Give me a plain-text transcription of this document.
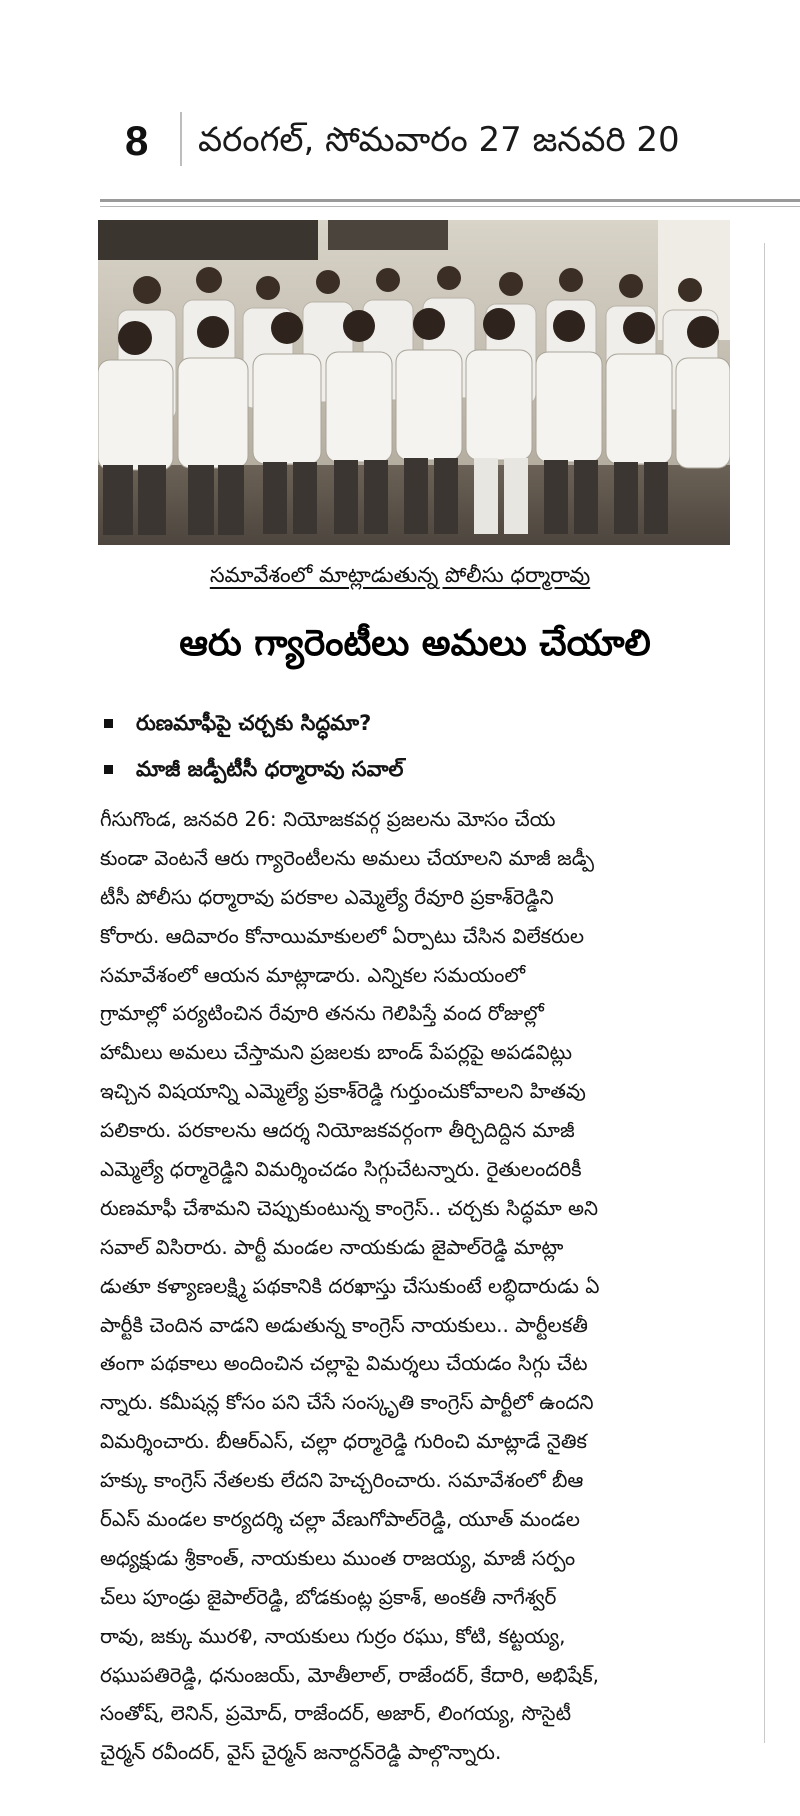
8 వరంగల్, సోమవారం 27 జనవరి 20
సమావేశంలో మాట్లాడుతున్న పోలీసు ధర్మారావు
ఆరు గ్యారెంటీలు అమలు చేయాలి
రుణమాఫీపై చర్చకు సిద్ధమా?
మాజీ జడ్పీటీసీ ధర్మారావు సవాల్
గీసుగొండ, జనవరి 26: నియోజకవర్గ ప్రజలను మోసం చేయ
కుండా వెంటనే ఆరు గ్యారెంటీలను అమలు చేయాలని మాజీ జడ్పీ
టీసీ పోలీసు ధర్మారావు పరకాల ఎమ్మెల్యే రేవూరి ప్రకాశ్‌రెడ్డిని
కోరారు. ఆదివారం కోనాయిమాకులలో ఏర్పాటు చేసిన విలేకరుల
సమావేశంలో ఆయన మాట్లాడారు. ఎన్నికల సమయంలో
గ్రామాల్లో పర్యటించిన రేవూరి తనను గెలిపిస్తే వంద రోజుల్లో
హామీలు అమలు చేస్తామని ప్రజలకు బాండ్ పేపర్లపై అపడవిట్లు
ఇచ్చిన విషయాన్ని ఎమ్మెల్యే ప్రకాశ్‌రెడ్డి గుర్తుంచుకోవాలని హితవు
పలికారు. పరకాలను ఆదర్శ నియోజకవర్గంగా తీర్చిదిద్దిన మాజీ
ఎమ్మెల్యే ధర్మారెడ్డిని విమర్శించడం సిగ్గుచేటన్నారు. రైతులందరికీ
రుణమాఫీ చేశామని చెప్పుకుంటున్న కాంగ్రెస్.. చర్చకు సిద్ధమా అని
సవాల్ విసిరారు. పార్టీ మండల నాయకుడు జైపాల్‌రెడ్డి మాట్లా
డుతూ కళ్యాణలక్ష్మి పథకానికి దరఖాస్తు చేసుకుంటే లబ్ధిదారుడు ఏ
పార్టీకి చెందిన వాడని అడుతున్న కాంగ్రెస్ నాయకులు.. పార్టీలకతీ
తంగా పథకాలు అందించిన చల్లాపై విమర్శలు చేయడం సిగ్గు చేట
న్నారు. కమీషన్ల కోసం పని చేసే సంస్కృతి కాంగ్రెస్ పార్టీలో ఉందని
విమర్శించారు. బీఆర్ఎస్, చల్లా ధర్మారెడ్డి గురించి మాట్లాడే నైతిక
హక్కు కాంగ్రెస్ నేతలకు లేదని హెచ్చరించారు. సమావేశంలో బీఆ
ర్ఎస్ మండల కార్యదర్శి చల్లా వేణుగోపాల్‌రెడ్డి, యూత్ మండల
అధ్యక్షుడు శ్రీకాంత్, నాయకులు ముంత రాజయ్య, మాజీ సర్పం
చ్‌లు పూండ్రు జైపాల్‌రెడ్డి, బోడకుంట్ల ప్రకాశ్, అంకతీ నాగేశ్వర్
రావు, జక్కు మురళి, నాయకులు గుర్రం రఘు, కోటి, కట్టయ్య,
రఘుపతిరెడ్డి, ధనుంజయ్, మోతీలాల్, రాజేందర్, కేదారి, అభిషేక్,
సంతోష్, లెనిన్, ప్రమోద్, రాజేందర్, అజార్, లింగయ్య, సొసైటీ
చైర్మన్ రవీందర్, వైస్ చైర్మన్ జనార్దన్‌రెడ్డి పాల్గొన్నారు.
